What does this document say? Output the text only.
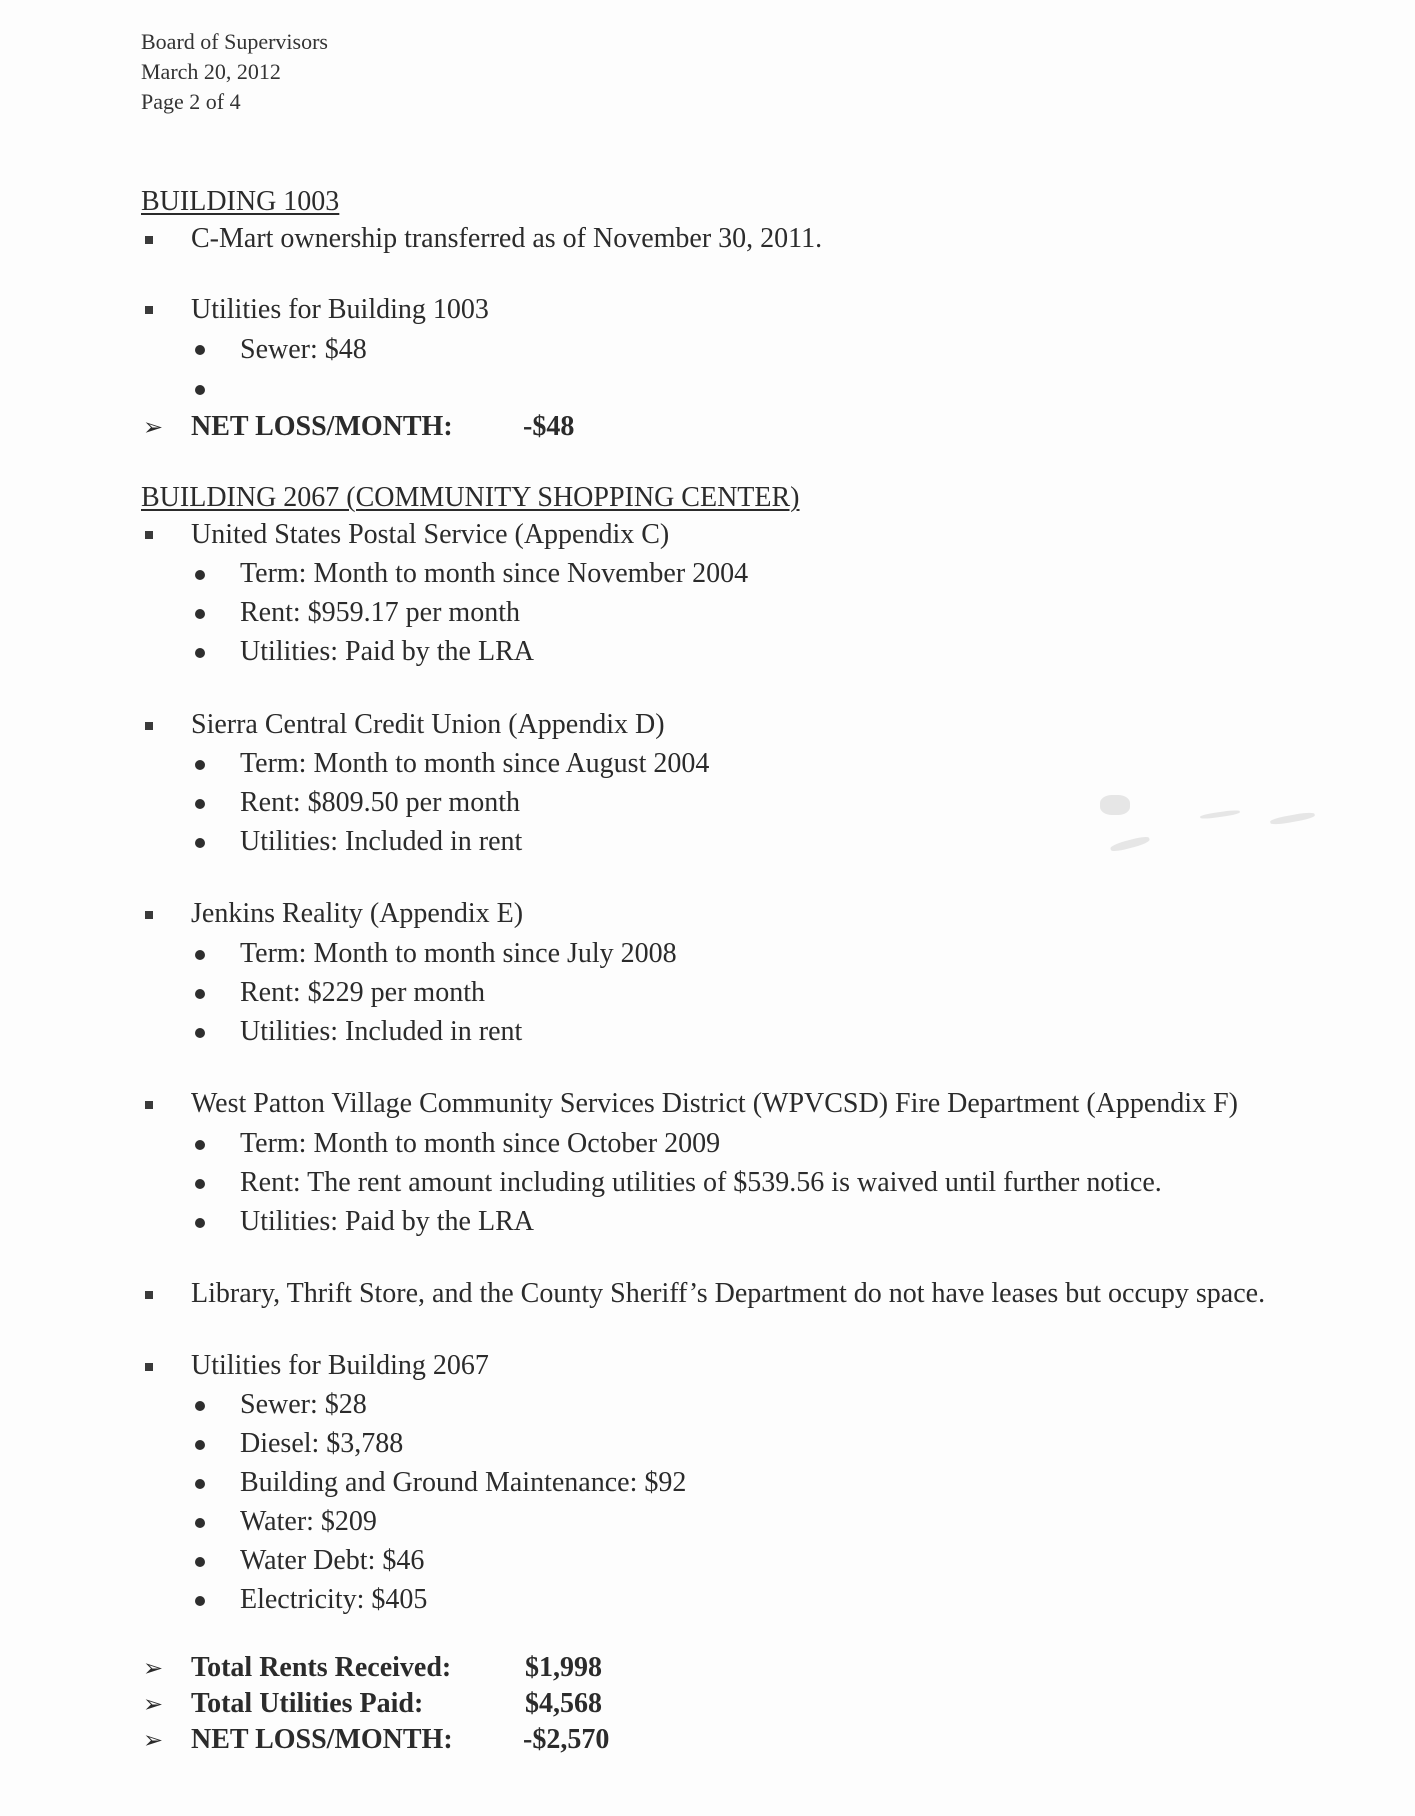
Board of Supervisors
March 20, 2012
Page 2 of 4
BUILDING 1003
C-Mart ownership transferred as of November 30, 2011.
Utilities for Building 1003
Sewer: $48
➢ NET LOSS/MONTH:	-$48
BUILDING 2067 (COMMUNITY SHOPPING CENTER)
United States Postal Service (Appendix C)
Term: Month to month since November 2004
Rent: $959.17 per month
Utilities: Paid by the LRA
Sierra Central Credit Union (Appendix D)
Term: Month to month since August 2004
Rent: $809.50 per month
Utilities: Included in rent
Jenkins Reality (Appendix E)
Term: Month to month since July 2008
Rent: $229 per month
Utilities: Included in rent
West Patton Village Community Services District (WPVCSD) Fire Department (Appendix F)
Term: Month to month since October 2009
Rent: The rent amount including utilities of $539.56 is waived until further notice.
Utilities: Paid by the LRA
Library, Thrift Store, and the County Sheriff’s Department do not have leases but occupy space.
Utilities for Building 2067
Sewer: $28
Diesel: $3,788
Building and Ground Maintenance: $92
Water: $209
Water Debt: $46
Electricity: $405
➢ Total Rents Received:	$1,998
➢ Total Utilities Paid:	$4,568
➢ NET LOSS/MONTH:	-$2,570
